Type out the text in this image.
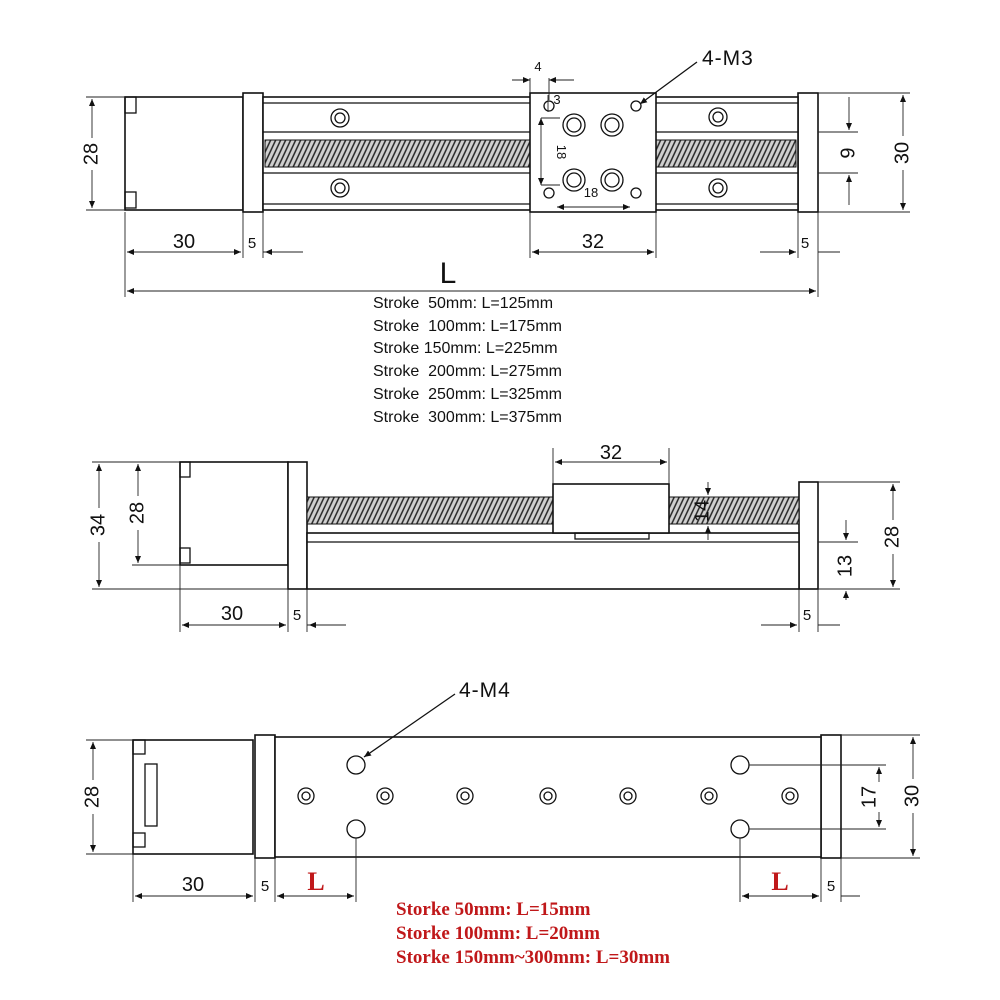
18
18
3
4	4-M3
28	30
9
30	5	32	5
L
32
14
34
28
28
13
30	5	5
4-M4
28	30
17
30	5 L	L	5
Stroke  50mm: L=125mm
Stroke  100mm: L=175mm
Stroke 150mm: L=225mm
Stroke  200mm: L=275mm
Stroke  250mm: L=325mm
Stroke  300mm: L=375mm
Storke 50mm: L=15mm
Storke 100mm: L=20mm
Storke 150mm~300mm: L=30mm
